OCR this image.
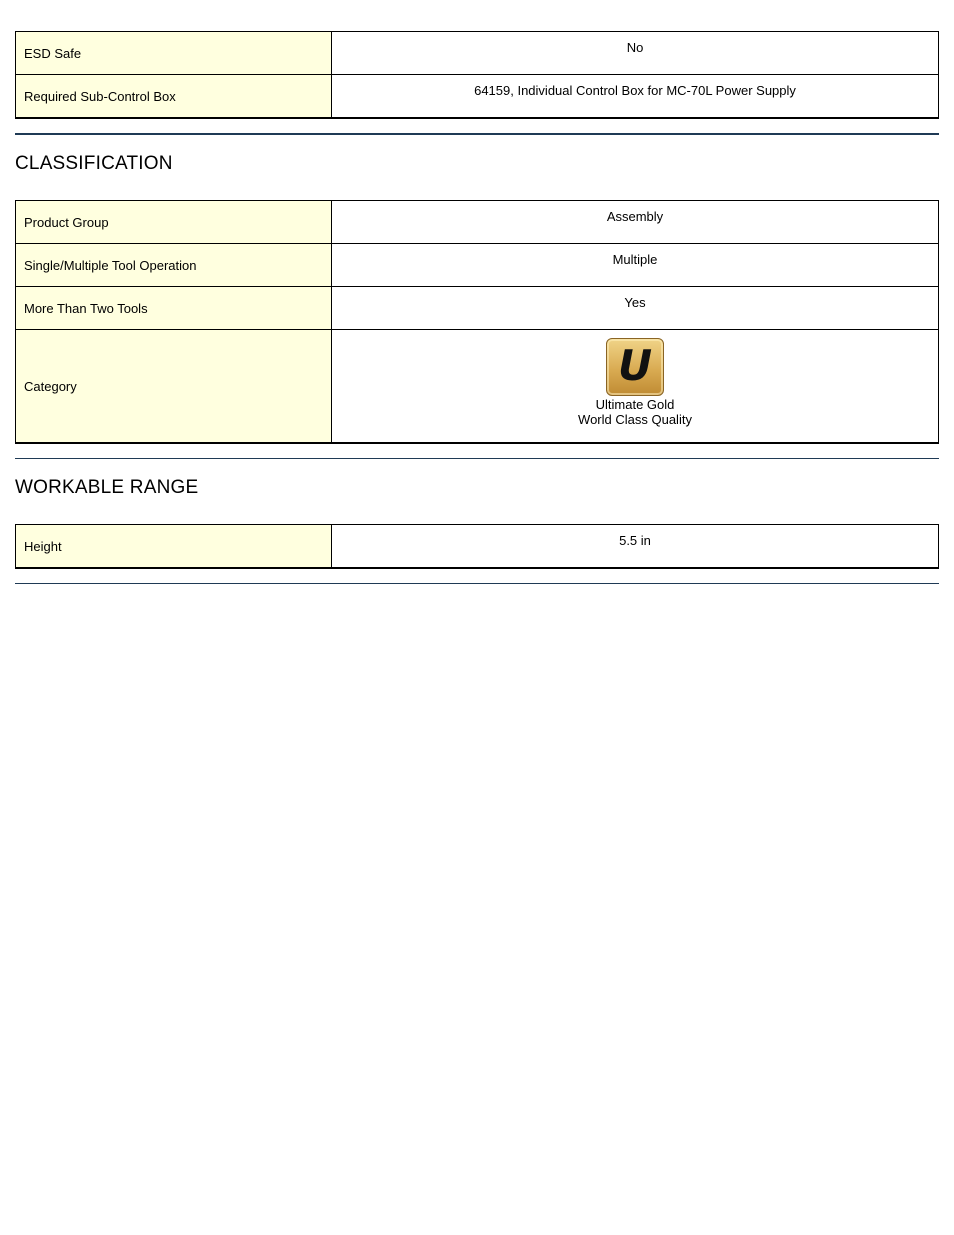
ESD Safe	No
Required Sub-Control Box	64159, Individual Control Box for MC-70L Power Supply
CLASSIFICATION
Product Group	Assembly
Single/Multiple Tool Operation	Multiple
More Than Two Tools	Yes
Category	U
Ultimate Gold
World Class Quality
WORKABLE RANGE
Height	5.5 in
